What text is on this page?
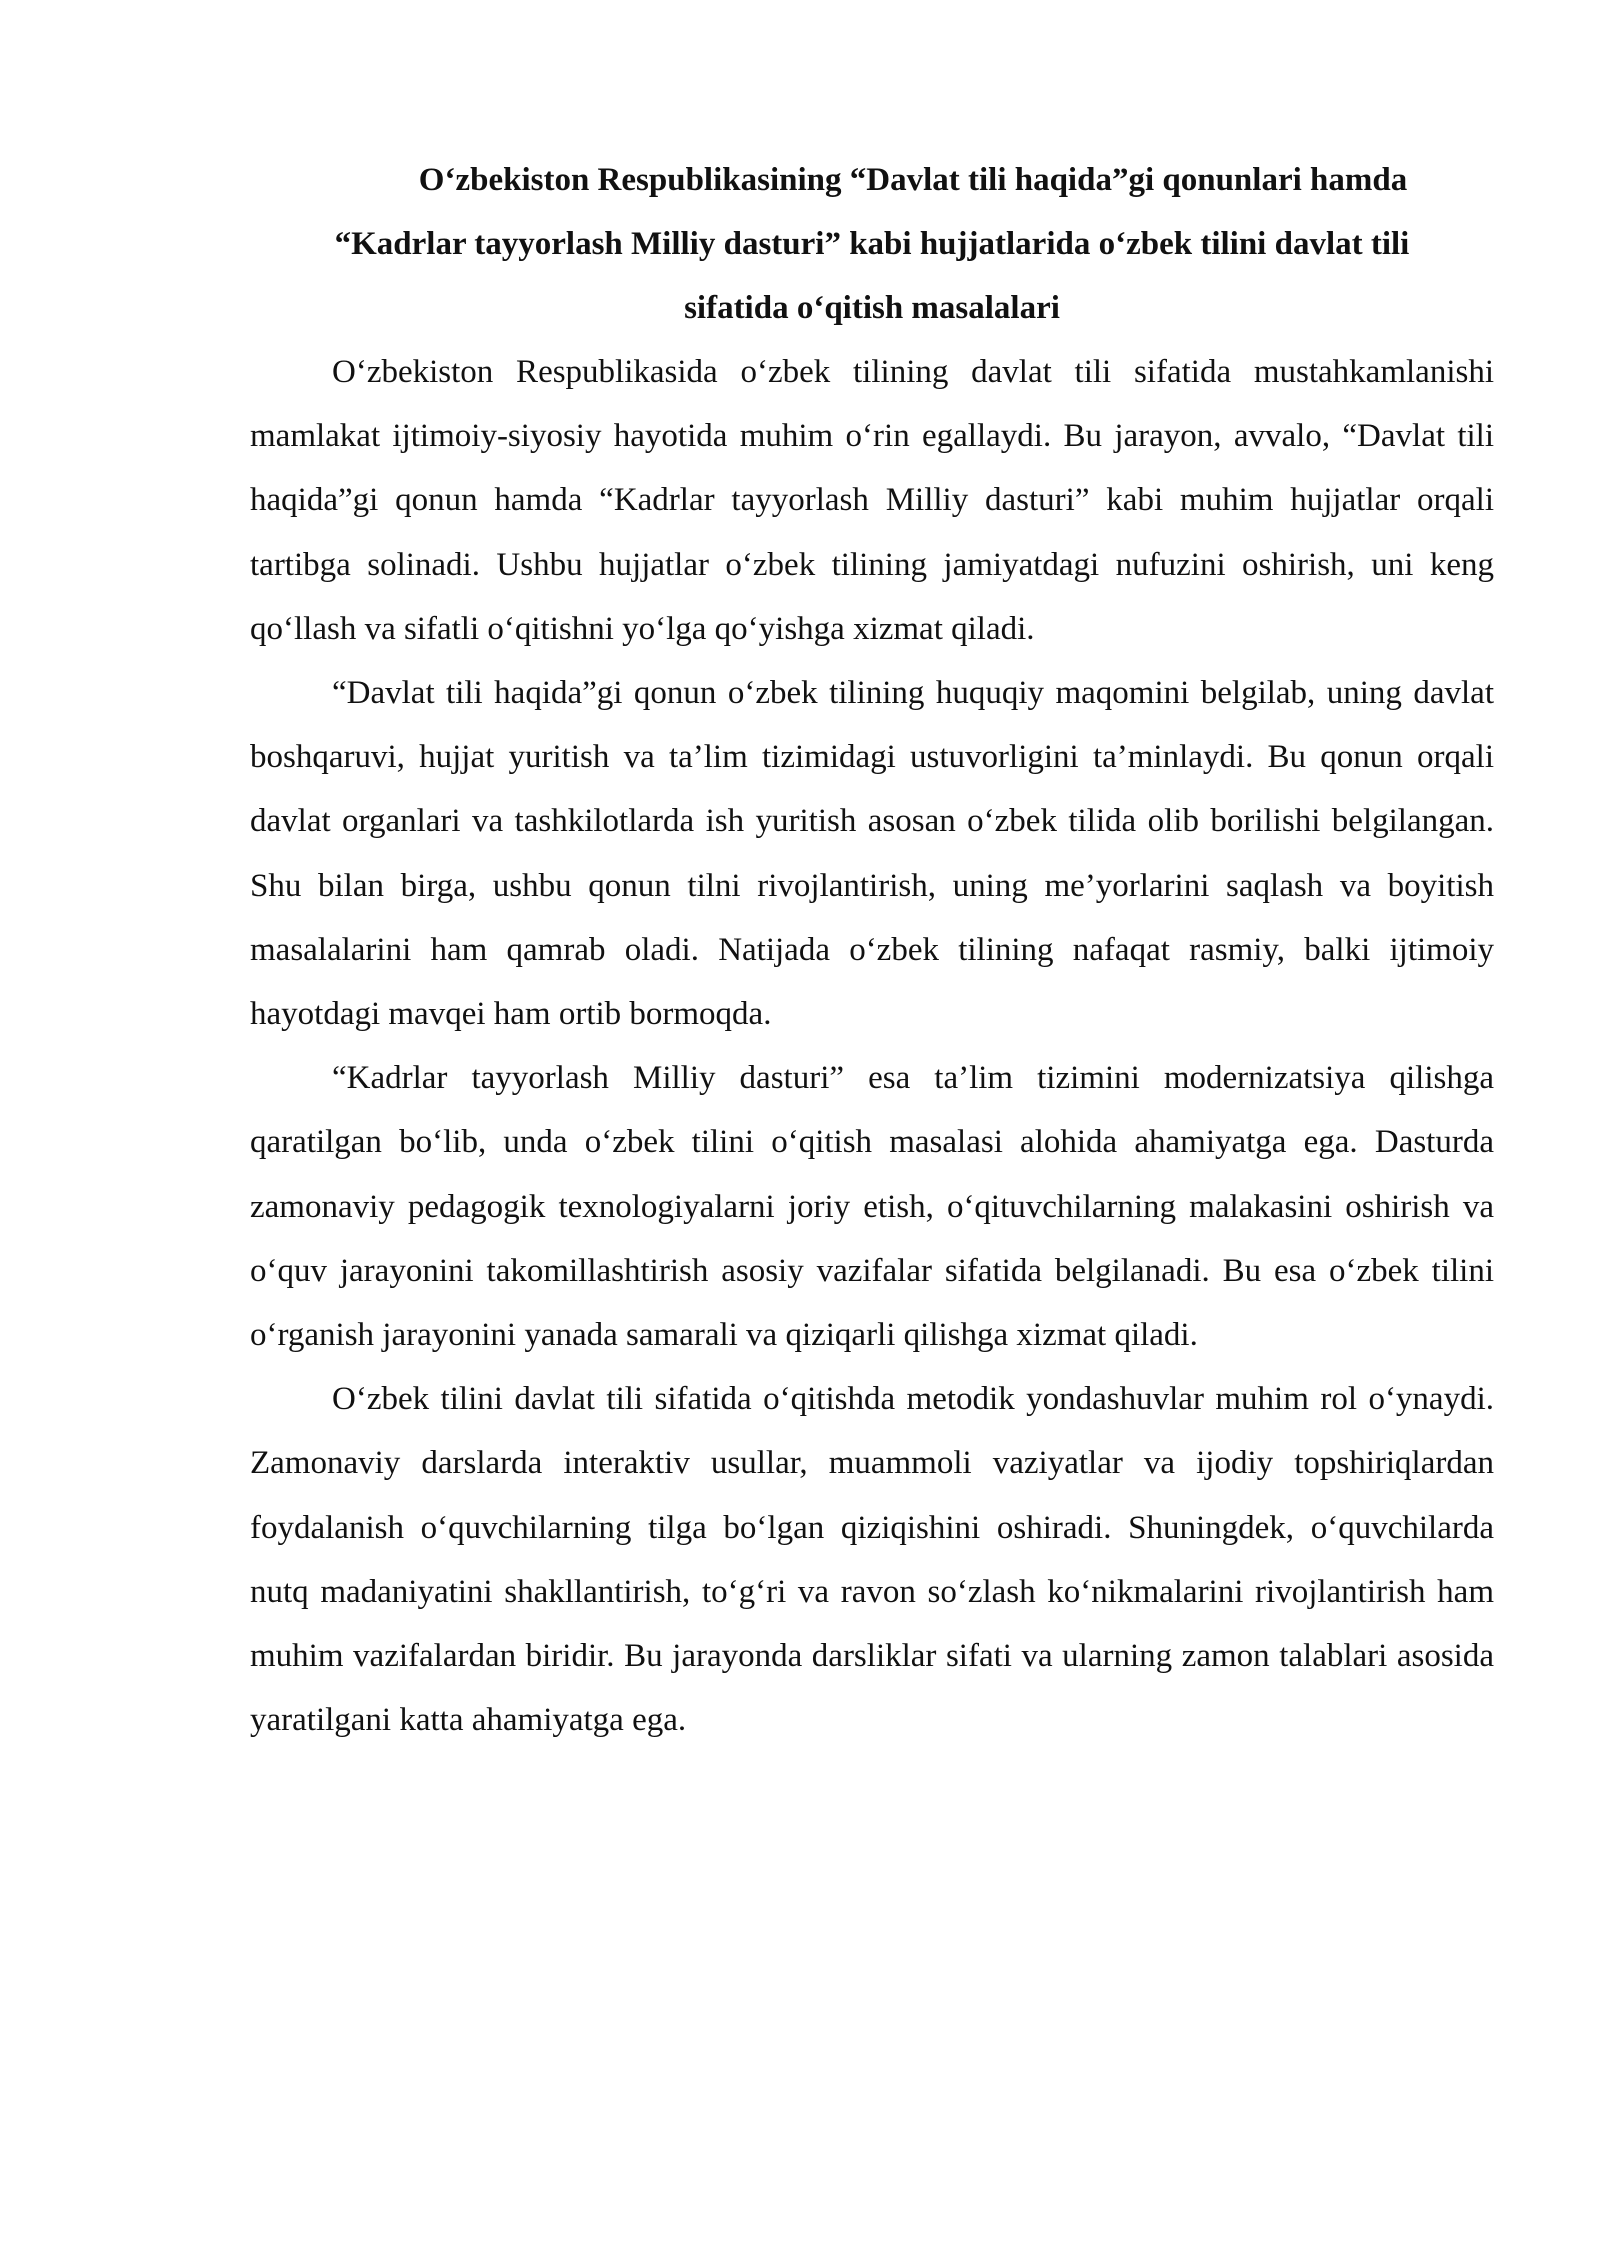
O‘zbekiston Respublikasining “Davlat tili haqida”gi qonunlari hamda
“Kadrlar tayyorlash Milliy dasturi” kabi hujjatlarida o‘zbek tilini davlat tili
sifatida o‘qitish masalalari

O‘zbekiston Respublikasida o‘zbek tilining davlat tili sifatida mustahkamlanishi mamlakat ijtimoiy-siyosiy hayotida muhim o‘rin egallaydi. Bu jarayon, avvalo, “Davlat tili haqida”gi qonun hamda “Kadrlar tayyorlash Milliy dasturi” kabi muhim hujjatlar orqali tartibga solinadi. Ushbu hujjatlar o‘zbek tilining jamiyatdagi nufuzini oshirish, uni keng qo‘llash va sifatli o‘qitishni yo‘lga qo‘yishga xizmat qiladi.

“Davlat tili haqida”gi qonun o‘zbek tilining huquqiy maqomini belgilab, uning davlat boshqaruvi, hujjat yuritish va ta’lim tizimidagi ustuvorligini ta’minlaydi. Bu qonun orqali davlat organlari va tashkilotlarda ish yuritish asosan o‘zbek tilida olib borilishi belgilangan. Shu bilan birga, ushbu qonun tilni rivojlantirish, uning me’yorlarini saqlash va boyitish masalalarini ham qamrab oladi. Natijada o‘zbek tilining nafaqat rasmiy, balki ijtimoiy hayotdagi mavqei ham ortib bormoqda.

“Kadrlar tayyorlash Milliy dasturi” esa ta’lim tizimini modernizatsiya qilishga qaratilgan bo‘lib, unda o‘zbek tilini o‘qitish masalasi alohida ahamiyatga ega. Dasturda zamonaviy pedagogik texnologiyalarni joriy etish, o‘qituvchilarning malakasini oshirish va o‘quv jarayonini takomillashtirish asosiy vazifalar sifatida belgilanadi. Bu esa o‘zbek tilini o‘rganish jarayonini yanada samarali va qiziqarli qilishga xizmat qiladi.

O‘zbek tilini davlat tili sifatida o‘qitishda metodik yondashuvlar muhim rol o‘ynaydi. Zamonaviy darslarda interaktiv usullar, muammoli vaziyatlar va ijodiy topshiriqlardan foydalanish o‘quvchilarning tilga bo‘lgan qiziqishini oshiradi. Shuningdek, o‘quvchilarda nutq madaniyatini shakllantirish, to‘g‘ri va ravon so‘zlash ko‘nikmalarini rivojlantirish ham muhim vazifalardan biridir. Bu jarayonda darsliklar sifati va ularning zamon talablari asosida yaratilgani katta ahamiyatga ega.
